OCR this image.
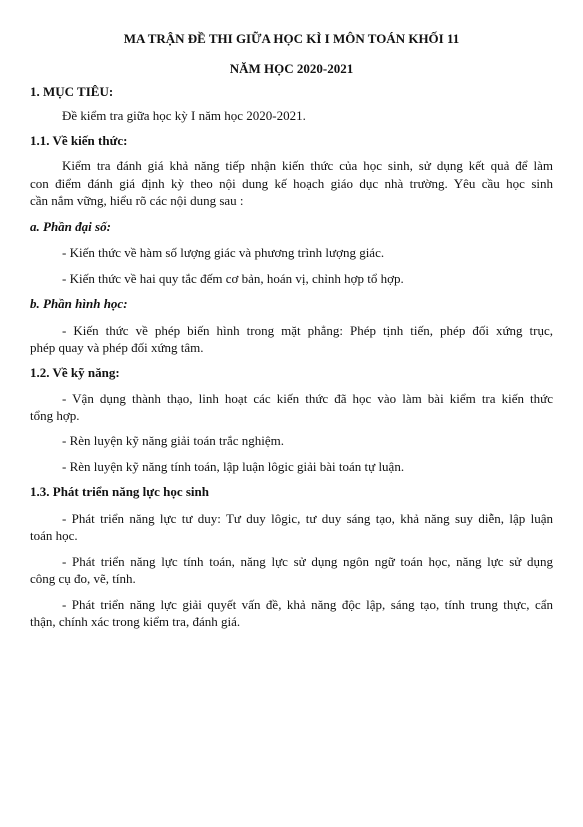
MA TRẬN ĐỀ THI GIỮA HỌC KÌ I MÔN TOÁN KHỐI 11
NĂM HỌC 2020-2021
1. MỤC TIÊU:
Đề kiểm tra giữa học kỳ I năm học 2020-2021.
1.1. Về kiến thức:
Kiểm tra đánh giá khả năng tiếp nhận kiến thức của học sinh, sử dụng kết quả để làm
con điểm đánh giá định kỳ theo nội dung kế hoạch giáo dục nhà trường. Yêu cầu học sinh
cần nắm vững, hiểu rõ các nội dung sau :
a. Phần đại số:
- Kiến thức về hàm số lượng giác và phương trình lượng giác.
- Kiến thức về hai quy tắc đếm cơ bản, hoán vị, chỉnh hợp tổ hợp.
b. Phần hình học:
- Kiến thức về phép biến hình trong mặt phẳng: Phép tịnh tiến, phép đối xứng trục,
phép quay và phép đối xứng tâm.
1.2. Về kỹ năng:
- Vận dụng thành thạo, linh hoạt các kiến thức đã học vào làm bài kiểm tra kiến thức
tổng hợp.
- Rèn luyện kỹ năng giải toán trắc nghiệm.
- Rèn luyện kỹ năng tính toán, lập luận lôgic giải bài toán tự luận.
1.3. Phát triển năng lực học sinh
- Phát triển năng lực tư duy: Tư duy lôgic, tư duy sáng tạo, khả năng suy diễn, lập luận
toán học.
- Phát triển năng lực tính toán, năng lực sử dụng ngôn ngữ toán học, năng lực sử dụng
công cụ đo, vẽ, tính.
- Phát triển năng lực giải quyết vấn đề, khả năng độc lập, sáng tạo, tính trung thực, cẩn
thận, chính xác trong kiểm tra, đánh giá.
